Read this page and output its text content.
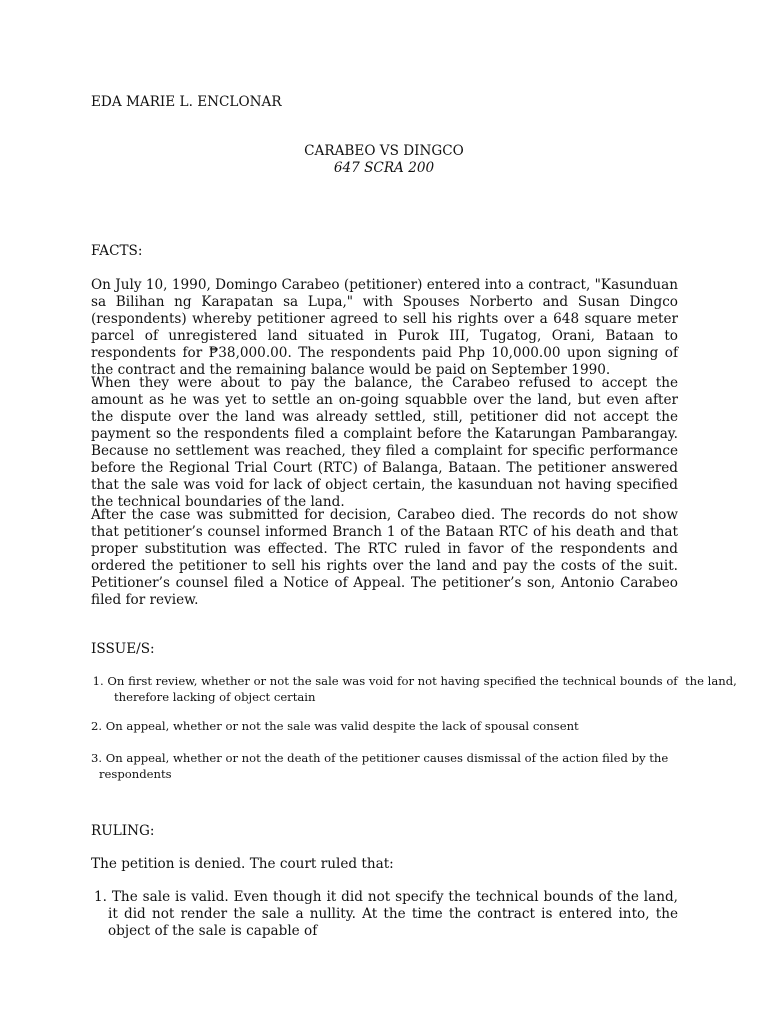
EDA MARIE L. ENCLONAR
CARABEO VS DINGCO
647 SCRA 200
FACTS:
On July 10, 1990, Domingo Carabeo (petitioner) entered into a contract, "Kasunduan sa Bilihan ng Karapatan sa Lupa," with Spouses Norberto and Susan Dingco (respondents) whereby petitioner agreed to sell his rights over a 648 square meter parcel of unregistered land situated in Purok III, Tugatog, Orani, Bataan to respondents for ₱38,000.00. The respondents paid Php 10,000.00 upon signing of the contract and the remaining balance would be paid on September 1990.
When they were about to pay the balance, the Carabeo refused to accept the amount as he was yet to settle an on-going squabble over the land, but even after the dispute over the land was already settled, still, petitioner did not accept the payment so the respondents filed a complaint before the Katarungan Pambarangay. Because no settlement was reached, they filed a complaint for specific performance before the Regional Trial Court (RTC) of Balanga, Bataan. The petitioner answered that the sale was void for lack of object certain, the kasunduan not having specified the technical boundaries of the land.
After the case was submitted for decision, Carabeo died. The records do not show that petitioner’s counsel informed Branch 1 of the Bataan RTC of his death and that proper substitution was effected. The RTC ruled in favor of the respondents and ordered the petitioner to sell his rights over the land and pay the costs of the suit. Petitioner’s counsel filed a Notice of Appeal. The petitioner’s son, Antonio Carabeo filed for review.
ISSUE/S:
1. On first review, whether or not the sale was void for not having specified the technical bounds of  the land,
therefore lacking of object certain
2. On appeal, whether or not the sale was valid despite the lack of spousal consent
3. On appeal, whether or not the death of the petitioner causes dismissal of the action filed by the
respondents
RULING:
The petition is denied. The court ruled that:
1. The sale is valid. Even though it did not specify the technical bounds of the land, it did not render the sale a nullity. At the time the contract is entered into, the object of the sale is capable of
